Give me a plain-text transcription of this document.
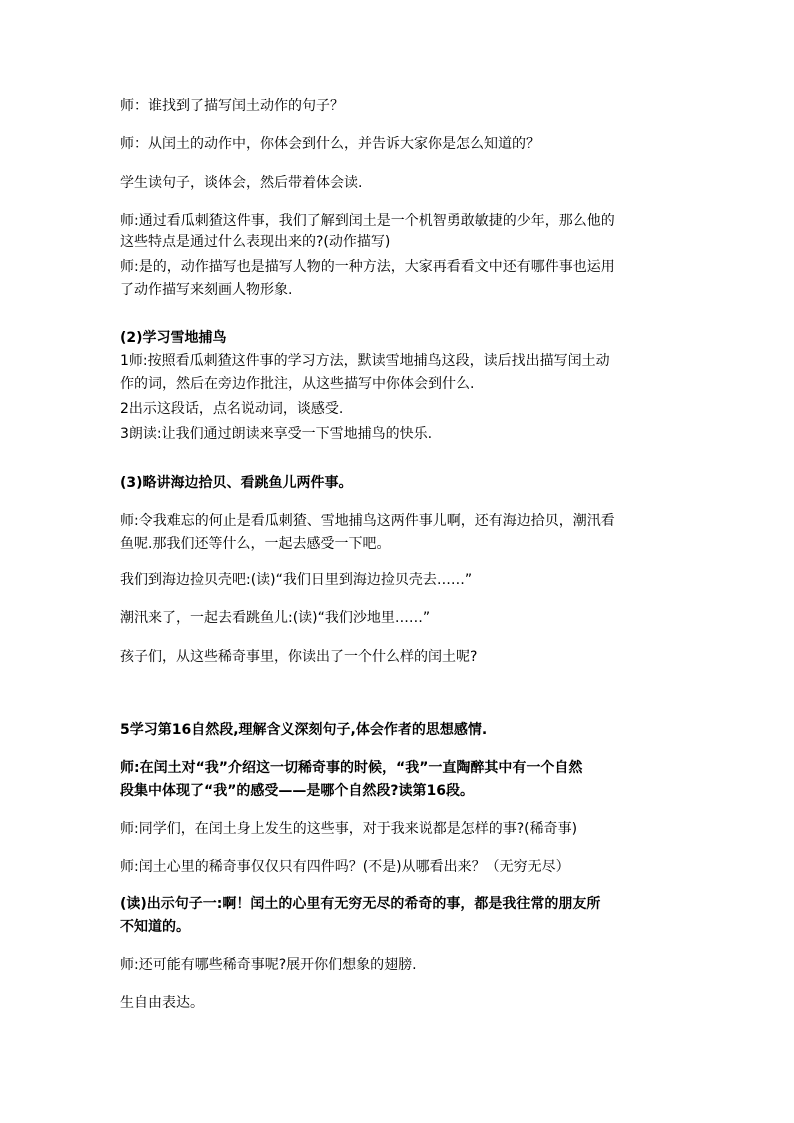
师：谁找到了描写闰土动作的句子？

师：从闰土的动作中，你体会到什么，并告诉大家你是怎么知道的？

学生读句子，谈体会，然后带着体会读.

师:通过看瓜刺猹这件事，我们了解到闰土是一个机智勇敢敏捷的少年，那么他的

这些特点是通过什么表现出来的?(动作描写)

师:是的，动作描写也是描写人物的一种方法，大家再看看文中还有哪件事也运用

了动作描写来刻画人物形象.

(2)学习雪地捕鸟

1师:按照看瓜刺猹这件事的学习方法，默读雪地捕鸟这段，读后找出描写闰土动

作的词，然后在旁边作批注，从这些描写中你体会到什么.

2出示这段话，点名说动词，谈感受.

3朗读:让我们通过朗读来享受一下雪地捕鸟的快乐.

(3)略讲海边拾贝、看跳鱼儿两件事。

师:令我难忘的何止是看瓜刺猹、雪地捕鸟这两件事儿啊，还有海边拾贝，潮汛看

鱼呢.那我们还等什么，一起去感受一下吧。

我们到海边捡贝壳吧:(读)“我们日里到海边捡贝壳去……”

潮汛来了，一起去看跳鱼儿:(读)“我们沙地里……”

孩子们，从这些稀奇事里，你读出了一个什么样的闰土呢?

5学习第16自然段,理解含义深刻句子,体会作者的思想感情.

师:在闰土对“我”介绍这一切稀奇事的时候，“我”一直陶醉其中有一个自然

段集中体现了“我”的感受——是哪个自然段?读第16段。

师:同学们，在闰土身上发生的这些事，对于我来说都是怎样的事?(稀奇事)

师:闰土心里的稀奇事仅仅只有四件吗？(不是)从哪看出来？（无穷无尽）

(读)出示句子一:啊！闰土的心里有无穷无尽的希奇的事，都是我往常的朋友所

不知道的。

师:还可能有哪些稀奇事呢?展开你们想象的翅膀.

生自由表达。
